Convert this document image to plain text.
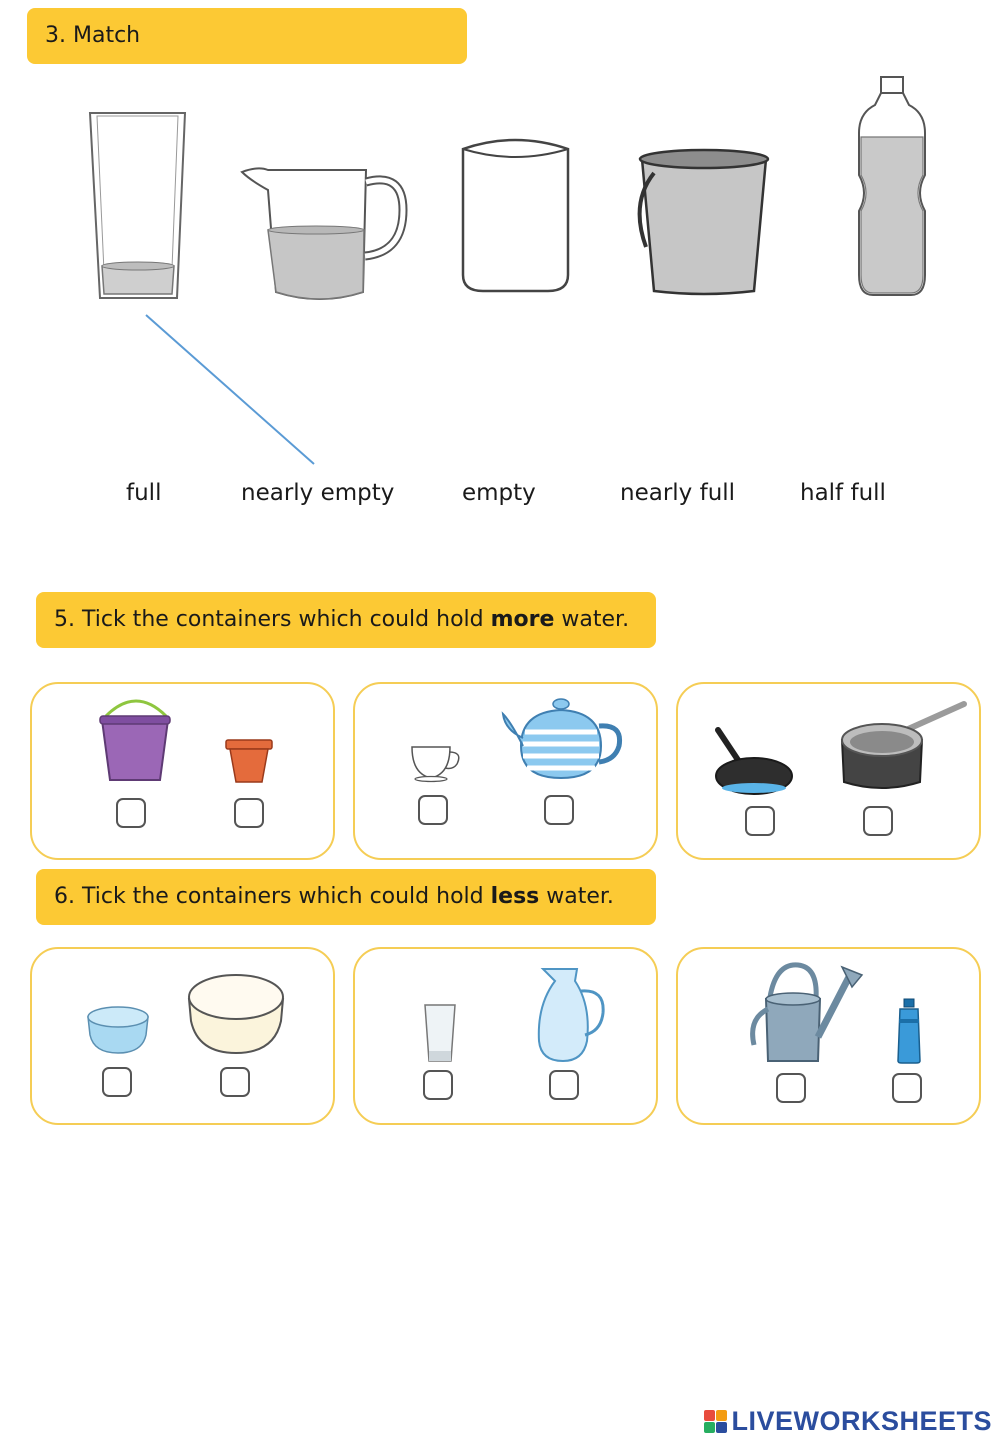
3. Match
full	nearly empty	empty	nearly full	half full
5. Tick the containers which could hold more water.
6. Tick the containers which could hold less water.
LIVEWORKSHEETS
